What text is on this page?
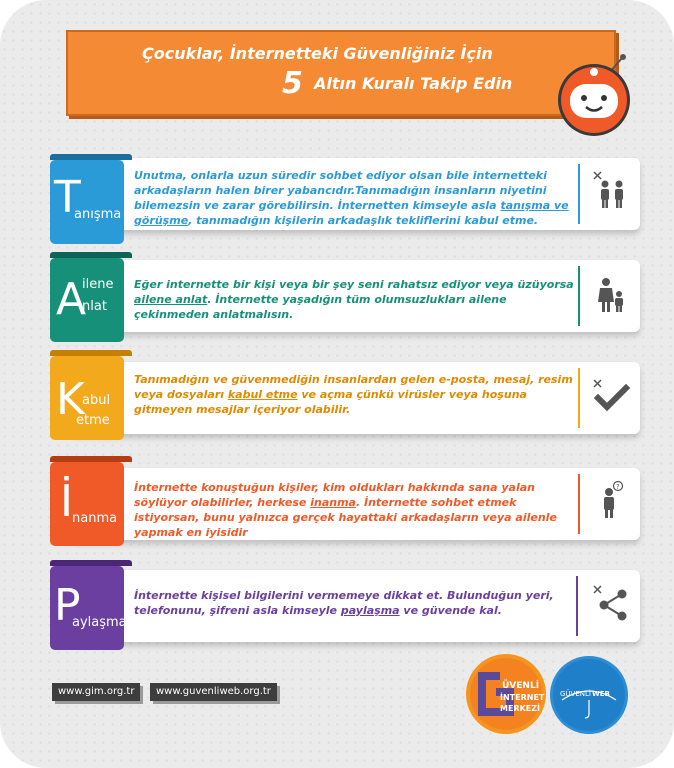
Çocuklar, İnternetteki Güvenliğiniz İçin
5 Altın Kuralı Takip Edin
T
anışma
Unutma, onlarla uzun süredir sohbet ediyor olsan bile internetteki arkadaşların halen birer yabancıdır.Tanımadığın insanların niyetini bilemezsin ve zarar görebilirsin. İnternetten kimseyle asla tanışma ve görüşme, tanımadığın kişilerin arkadaşlık tekliflerini kabul etme.
A
ilene
nlat
Eğer internette bir kişi veya bir şey seni rahatsız ediyor veya üzüyorsa ailene anlat. İnternette yaşadığın tüm olumsuzlukları ailene çekinmeden anlatmalısın.
K
abul
etme
Tanımadığın ve güvenmediğin insanlardan gelen e-posta, mesaj, resim veya dosyaları kabul etme ve açma çünkü virüsler veya hoşuna gitmeyen mesajlar içeriyor olabilir.
İ nanma
İnternette konuştuğun kişiler, kim oldukları hakkında sana yalan söylüyor olabilirler, herkese inanma. İnternette sohbet etmek istiyorsan, bunu yalnızca gerçek hayattaki arkadaşların veya ailenle yapmak en iyisidir
?
P
aylaşma
İnternette kişisel bilgilerini vermemeye dikkat et. Bulunduğun yeri, telefonunu, şifreni asla kimseyle paylaşma ve güvende kal.
www.gim.org.tr	www.guvenliweb.org.tr	ÜVENLİ
İNTERNET
MERKEZİ
GÜVENLİ WEB
